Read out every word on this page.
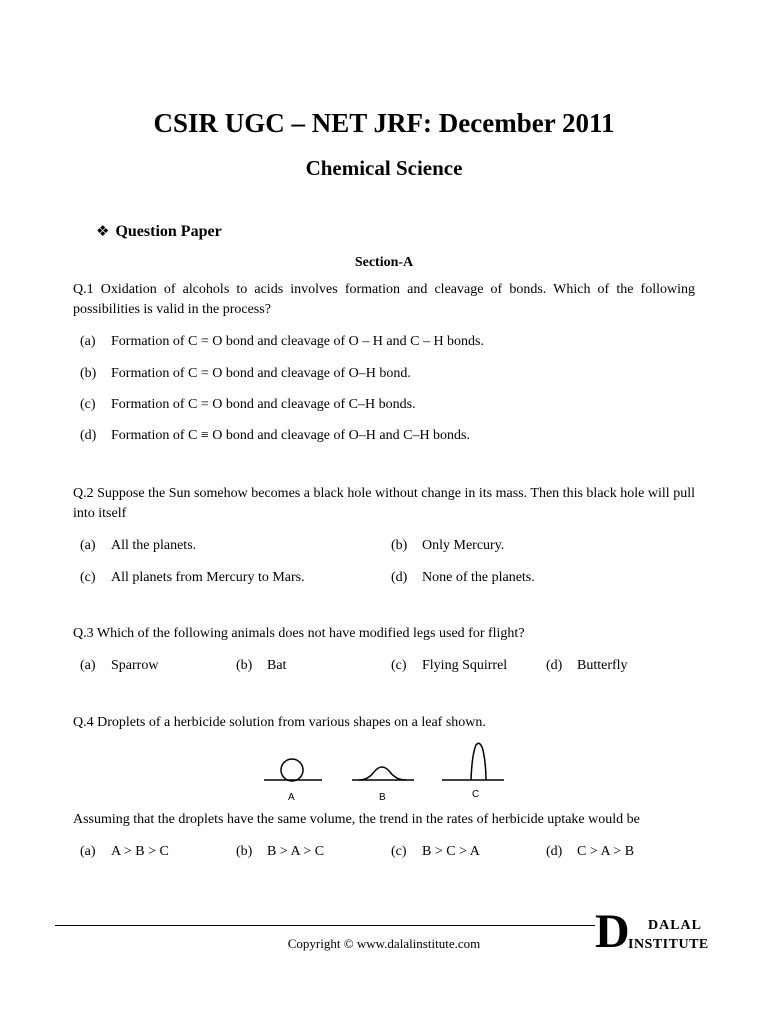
CSIR UGC – NET JRF: December 2011
Chemical Science
❖ Question Paper
Section-A
Q.1 Oxidation of alcohols to acids involves formation and cleavage of bonds. Which of the following possibilities is valid in the process?
(a) Formation of C = O bond and cleavage of O – H and C – H bonds.
(b) Formation of C = O bond and cleavage of O–H bond.
(c) Formation of C = O bond and cleavage of C–H bonds.
(d) Formation of C ≡ O bond and cleavage of O–H and C–H bonds.
Q.2 Suppose the Sun somehow becomes a black hole without change in its mass. Then this black hole will pull into itself
(a) All the planets.	(b) Only Mercury.
(c) All planets from Mercury to Mars.	(d) None of the planets.
Q.3 Which of the following animals does not have modified legs used for flight?
(a) Sparrow	(b) Bat	(c) Flying Squirrel	(d) Butterfly
Q.4 Droplets of a herbicide solution from various shapes on a leaf shown.
A	B	C
Assuming that the droplets have the same volume, the trend in the rates of herbicide uptake would be
(a) A > B > C	(b) B > A > C	(c) B > C > A	(d) C > A > B
Copyright © www.dalalinstitute.com	D DALAL
INSTITUTE
